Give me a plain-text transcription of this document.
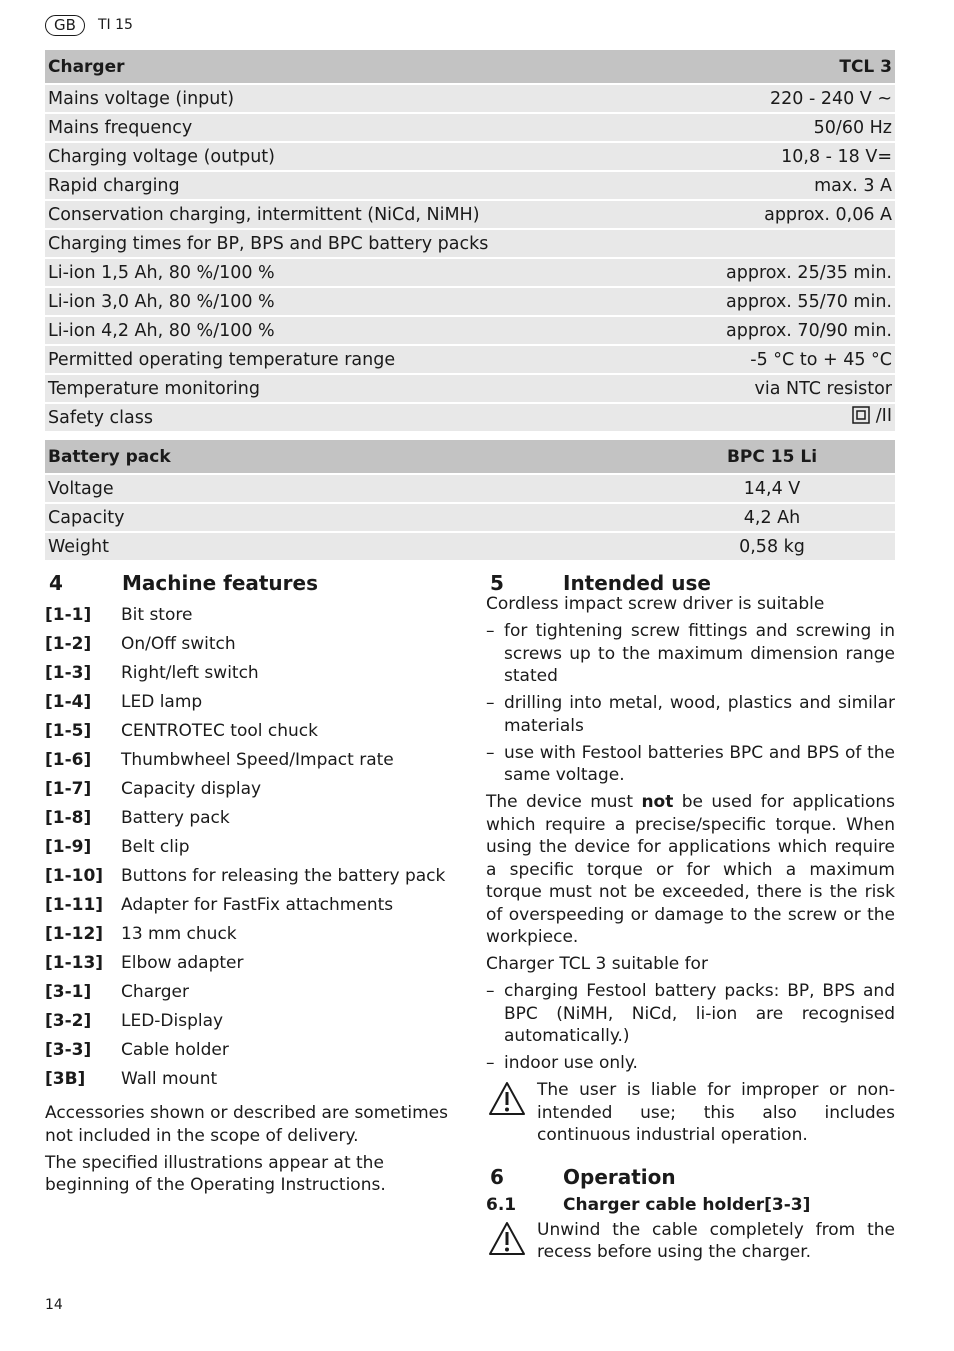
GB	TI 15
Charger	TCL 3
Mains voltage (input)	220 - 240 V ~
Mains frequency	50/60 Hz
Charging voltage (output)	10,8 - 18 V=
Rapid charging	max. 3 A
Conservation charging, intermittent (NiCd, NiMH)	approx. 0,06 A
Charging times for BP, BPS and BPC battery packs	
Li-ion 1,5 Ah, 80 %/100 %	approx. 25/35 min.
Li-ion 3,0 Ah, 80 %/100 %	approx. 55/70 min.
Li-ion 4,2 Ah, 80 %/100 %	approx. 70/90 min.
Permitted operating temperature range	-5 °C to + 45 °C
Temperature monitoring	via NTC resistor
Safety class	/II
Battery pack	BPC 15 Li
Voltage	14,4 V
Capacity	4,2 Ah
Weight	0,58 kg
4	Machine features
[1-1]	Bit store
[1-2]	On/Off switch
[1-3]	Right/left switch
[1-4]	LED lamp
[1-5]	CENTROTEC tool chuck
[1-6]	Thumbwheel Speed/Impact rate
[1-7]	Capacity display
[1-8]	Battery pack
[1-9]	Belt clip
[1-10]	Buttons for releasing the battery pack
[1-11]	Adapter for FastFix attachments
[1-12]	13 mm chuck
[1-13]	Elbow adapter
[3-1]	Charger
[3-2]	LED-Display
[3-3]	Cable holder
[3B]	Wall mount

Accessories shown or described are sometimes not included in the scope of delivery.

The specified illustrations appear at the beginning of the Operating Instructions.

5	Intended use

Cordless impact screw driver is suitable

– for tightening screw fittings and screwing in screws up to the maximum dimension range stated
– drilling into metal, wood, plastics and similar materials
– use with Festool batteries BPC and BPS of the same voltage.

The device must not be used for applications which require a precise/specific torque. When using the device for applications which require a specific torque or for which a maximum torque must not be exceeded, there is the risk of overspeeding or damage to the screw or the workpiece.

Charger TCL 3 suitable for

– charging Festool battery packs: BP, BPS and BPC (NiMH, NiCd, li-ion are recognised automatically.)
– indoor use only.
The user is liable for improper or non-intended use; this also includes continuous industrial operation.
6	Operation
6.1	Charger cable holder[3-3]
Unwind the cable completely from the recess before using the charger.
14
